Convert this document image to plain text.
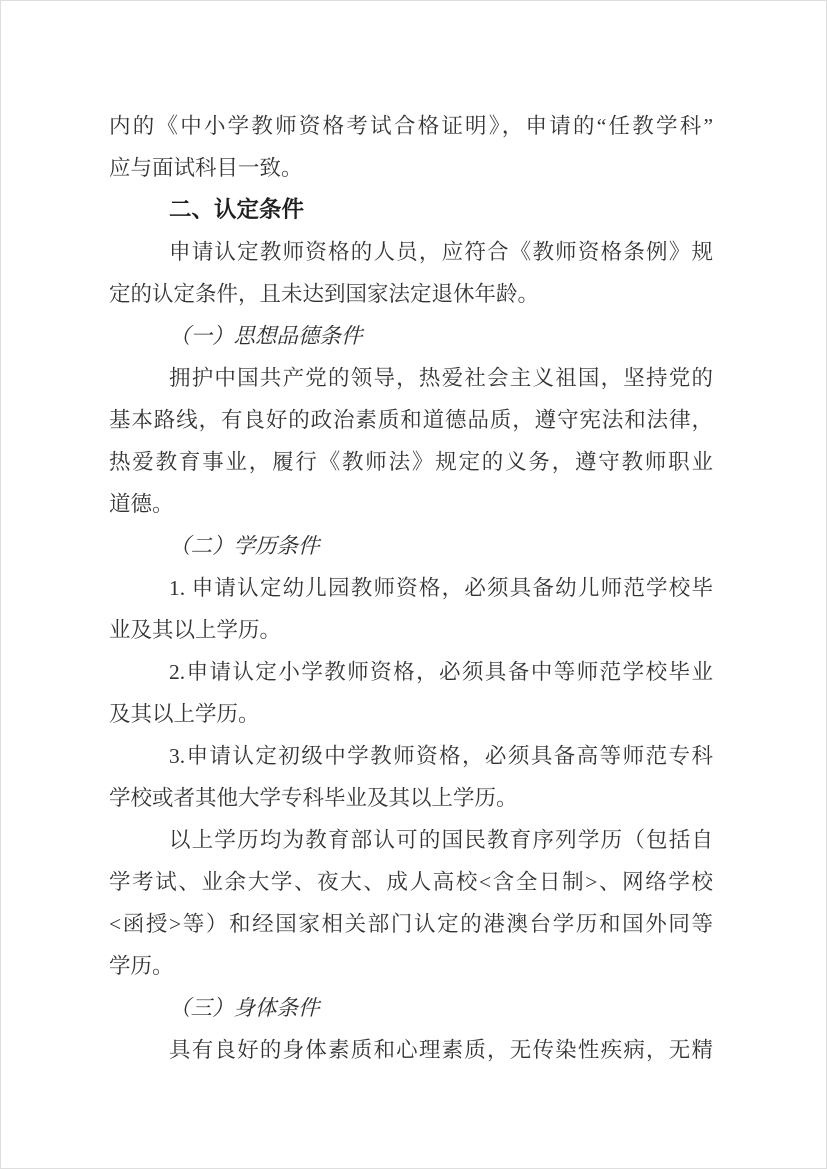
内的《中小学教师资格考试合格证明》，申请的“任教学科”
应与面试科目一致。
二、认定条件
申请认定教师资格的人员，应符合《教师资格条例》规
定的认定条件，且未达到国家法定退休年龄。
（一）思想品德条件
拥护中国共产党的领导，热爱社会主义祖国，坚持党的
基本路线，有良好的政治素质和道德品质，遵守宪法和法律，
热爱教育事业，履行《教师法》规定的义务，遵守教师职业
道德。
（二）学历条件
1. 申请认定幼儿园教师资格，必须具备幼儿师范学校毕
业及其以上学历。
2.申请认定小学教师资格，必须具备中等师范学校毕业
及其以上学历。
3.申请认定初级中学教师资格，必须具备高等师范专科
学校或者其他大学专科毕业及其以上学历。
以上学历均为教育部认可的国民教育序列学历（包括自
学考试、业余大学、夜大、成人高校<含全日制>、网络学校
<函授>等）和经国家相关部门认定的港澳台学历和国外同等
学历。
（三）身体条件
具有良好的身体素质和心理素质，无传染性疾病，无精
